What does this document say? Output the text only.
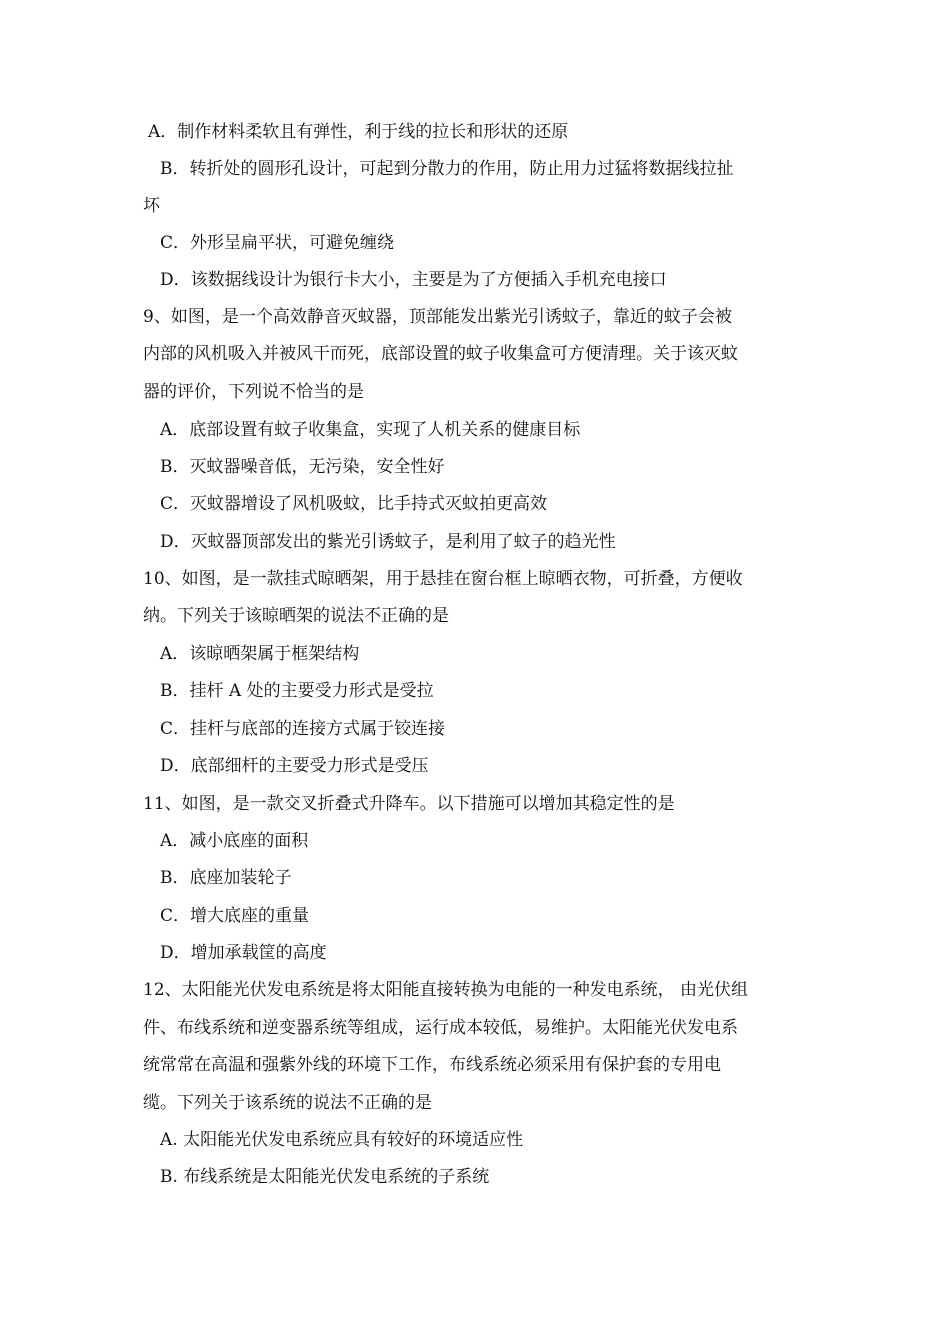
A．制作材料柔软且有弹性，利于线的拉长和形状的还原
B．转折处的圆形孔设计，可起到分散力的作用，防止用力过猛将数据线拉扯
坏
C．外形呈扁平状，可避免缠绕
D．该数据线设计为银行卡大小，主要是为了方便插入手机充电接口
9、如图，是一个高效静音灭蚊器，顶部能发出紫光引诱蚊子，靠近的蚊子会被
内部的风机吸入并被风干而死，底部设置的蚊子收集盒可方便清理。关于该灭蚊
器的评价，下列说不恰当的是
A．底部设置有蚊子收集盒，实现了人机关系的健康目标
B．灭蚊器噪音低，无污染，安全性好
C．灭蚊器增设了风机吸蚊，比手持式灭蚊拍更高效
D．灭蚊器顶部发出的紫光引诱蚊子，是利用了蚊子的趋光性
10、如图，是一款挂式晾晒架，用于悬挂在窗台框上晾晒衣物，可折叠，方便收
纳。下列关于该晾晒架的说法不正确的是
A．该晾晒架属于框架结构
B．挂杆 A 处的主要受力形式是受拉
C．挂杆与底部的连接方式属于铰连接
D．底部细杆的主要受力形式是受压
11、如图，是一款交叉折叠式升降车。以下措施可以增加其稳定性的是
A．减小底座的面积
B．底座加装轮子
C．增大底座的重量
D．增加承载筐的高度
12、太阳能光伏发电系统是将太阳能直接转换为电能的一种发电系统， 由光伏组
件、布线系统和逆变器系统等组成，运行成本较低，易维护。太阳能光伏发电系
统常常在高温和强紫外线的环境下工作，布线系统必须采用有保护套的专用电
缆。下列关于该系统的说法不正确的是
A. 太阳能光伏发电系统应具有较好的环境适应性
B. 布线系统是太阳能光伏发电系统的子系统
